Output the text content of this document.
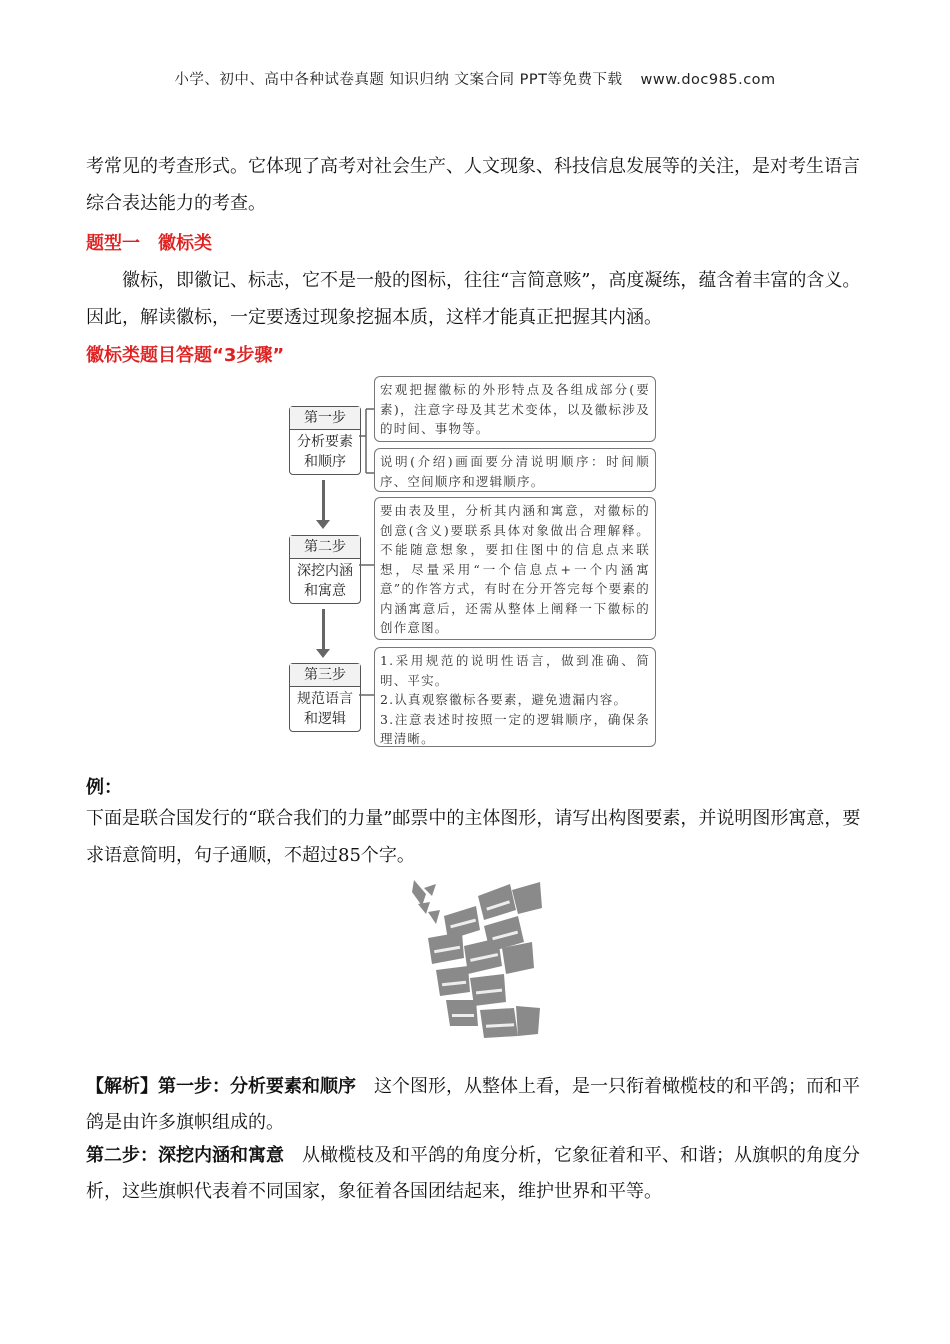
小学、初中、高中各种试卷真题 知识归纳 文案合同 PPT等免费下载 www.doc985.com

考常见的考查形式。它体现了高考对社会生产、人文现象、科技信息发展等的关注，是对考生语言综合表达能力的考查。

题型一　徽标类

徽标，即徽记、标志，它不是一般的图标，往往“言简意赅”，高度凝练，蕴含着丰富的含义。因此，解读徽标，一定要透过现象挖掘本质，这样才能真正把握其内涵。

徽标类题目答题“3步骤”

第一步
分析要素
和顺序
第二步
深挖内涵
和寓意
第三步
规范语言
和逻辑
宏观把握徽标的外形特点及各组成部分(要素)，注意字母及其艺术变体，以及徽标涉及的时间、事物等。
说明(介绍)画面要分清说明顺序：时间顺序、空间顺序和逻辑顺序。
要由表及里，分析其内涵和寓意，对徽标的创意(含义)要联系具体对象做出合理解释。不能随意想象，要扣住图中的信息点来联想，尽量采用“一个信息点+一个内涵寓意”的作答方式，有时在分开答完每个要素的内涵寓意后，还需从整体上阐释一下徽标的创作意图。
1.采用规范的说明性语言，做到准确、简明、平实。
2.认真观察徽标各要素，避免遗漏内容。
3.注意表述时按照一定的逻辑顺序，确保条理清晰。

例：

下面是联合国发行的“联合我们的力量”邮票中的主体图形，请写出构图要素，并说明图形寓意，要求语意简明，句子通顺，不超过85个字。

【解析】第一步：分析要素和顺序　这个图形，从整体上看，是一只衔着橄榄枝的和平鸽；而和平鸽是由许多旗帜组成的。

第二步：深挖内涵和寓意　从橄榄枝及和平鸽的角度分析，它象征着和平、和谐；从旗帜的角度分析，这些旗帜代表着不同国家，象征着各国团结起来，维护世界和平等。
